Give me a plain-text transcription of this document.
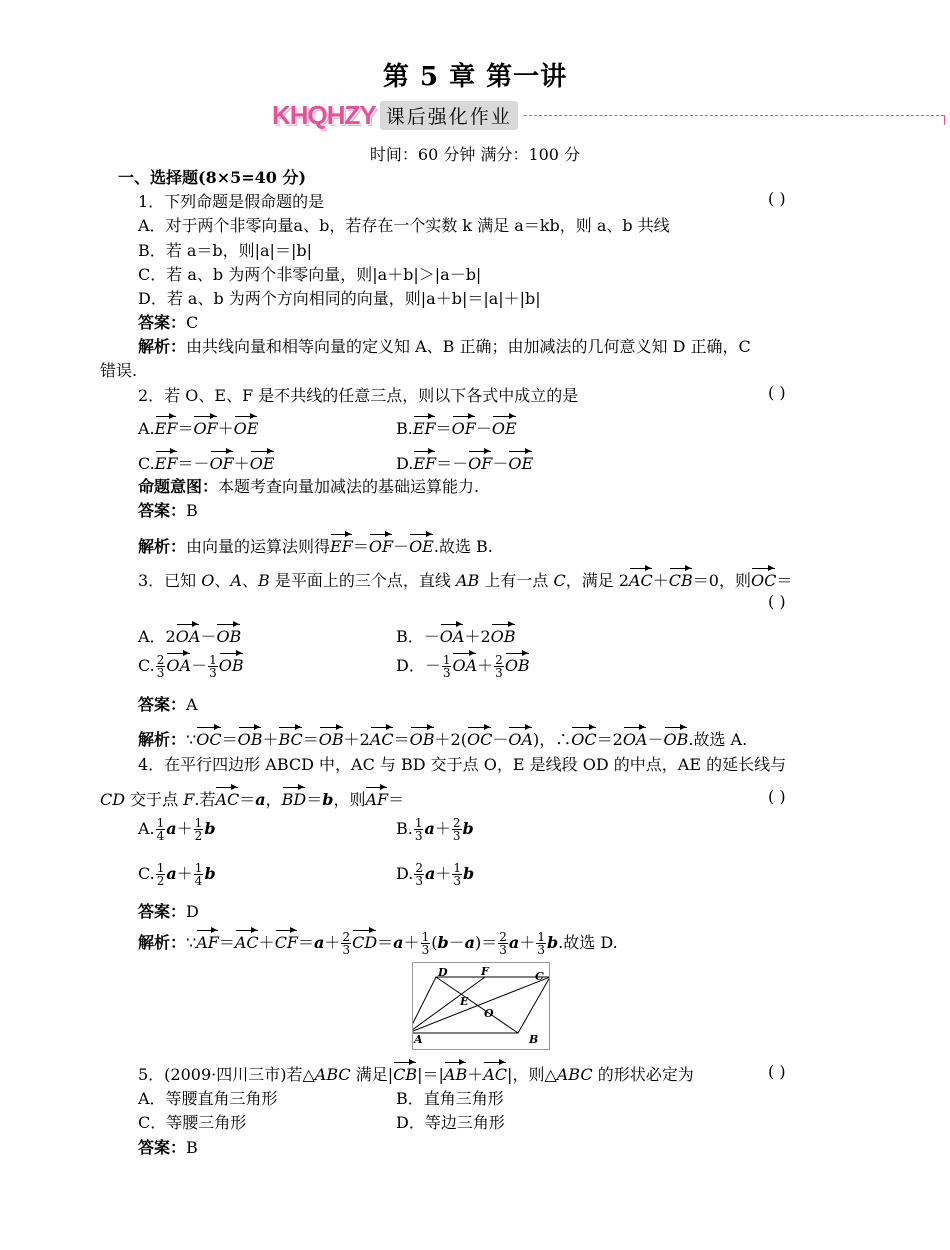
第 5 章 第一讲
KHQHZY 课后强化作业
时间：60 分钟 满分：100 分
一、选择题(8×5=40 分)
1．下列命题是假命题的是	( )
A．对于两个非零向量a、b，若存在一个实数 k 满足 a＝kb，则 a、b 共线
B．若 a＝b，则|a|＝|b|
C．若 a、b 为两个非零向量，则|a＋b|＞|a－b|
D．若 a、b 为两个方向相同的向量，则|a＋b|＝|a|＋|b|
答案：C
解析：由共线向量和相等向量的定义知 A、B 正确；由加减法的几何意义知 D 正确，C
错误.
2．若 O、E、F 是不共线的任意三点，则以下各式中成立的是	( )
A.EF＝OF＋OE	B.EF＝OF－OE
C.EF＝－OF＋OE	D.EF＝－OF－OE
命题意图：本题考查向量加减法的基础运算能力.
答案：B
解析：由向量的运算法则得EF＝OF－OE.故选 B.
3．已知 O、A、B 是平面上的三个点，直线 AB 上有一点 C，满足 2AC＋CB＝0，则OC＝
( )
A．2OA－OB	B．－OA＋2OB
C. $\frac{2}{3} OA- \frac{1}{3}$ OB	D．－ $\frac{1}{3} OA+ \frac{2}{3}$ OB
答案：A
解析：∵OC＝OB＋BC＝OB＋2AC＝OB＋2(OC－OA)，∴OC＝2OA－OB.故选 A.
4．在平行四边形 ABCD 中，AC 与 BD 交于点 O，E 是线段 OD 的中点，AE 的延长线与
CD 交于点 F.若AC＝a，BD＝b，则AF＝	( )
A. $\frac{1}{4} a+ \frac{1}{2}$ b	B. $\frac{1}{3} a+ \frac{2}{3}$ b
C. $\frac{1}{2} a+ \frac{1}{4}$ b	D. $\frac{2}{3} a+ \frac{1}{3}$ b
答案：D
解析：∵AF＝AC＋CF＝a＋ $\frac{2}{3} CD=a+ \frac{1}{3} (b-a)= \frac{2}{3} a+ \frac{1}{3} b$.故选 D.
D	F	C
E
O
A	B
5．(2009·四川三市)若△ABC 满足|CB|＝|AB＋AC|，则△ABC 的形状必定为	( )
A．等腰直角三角形	B．直角三角形
C．等腰三角形	D．等边三角形
答案：B
